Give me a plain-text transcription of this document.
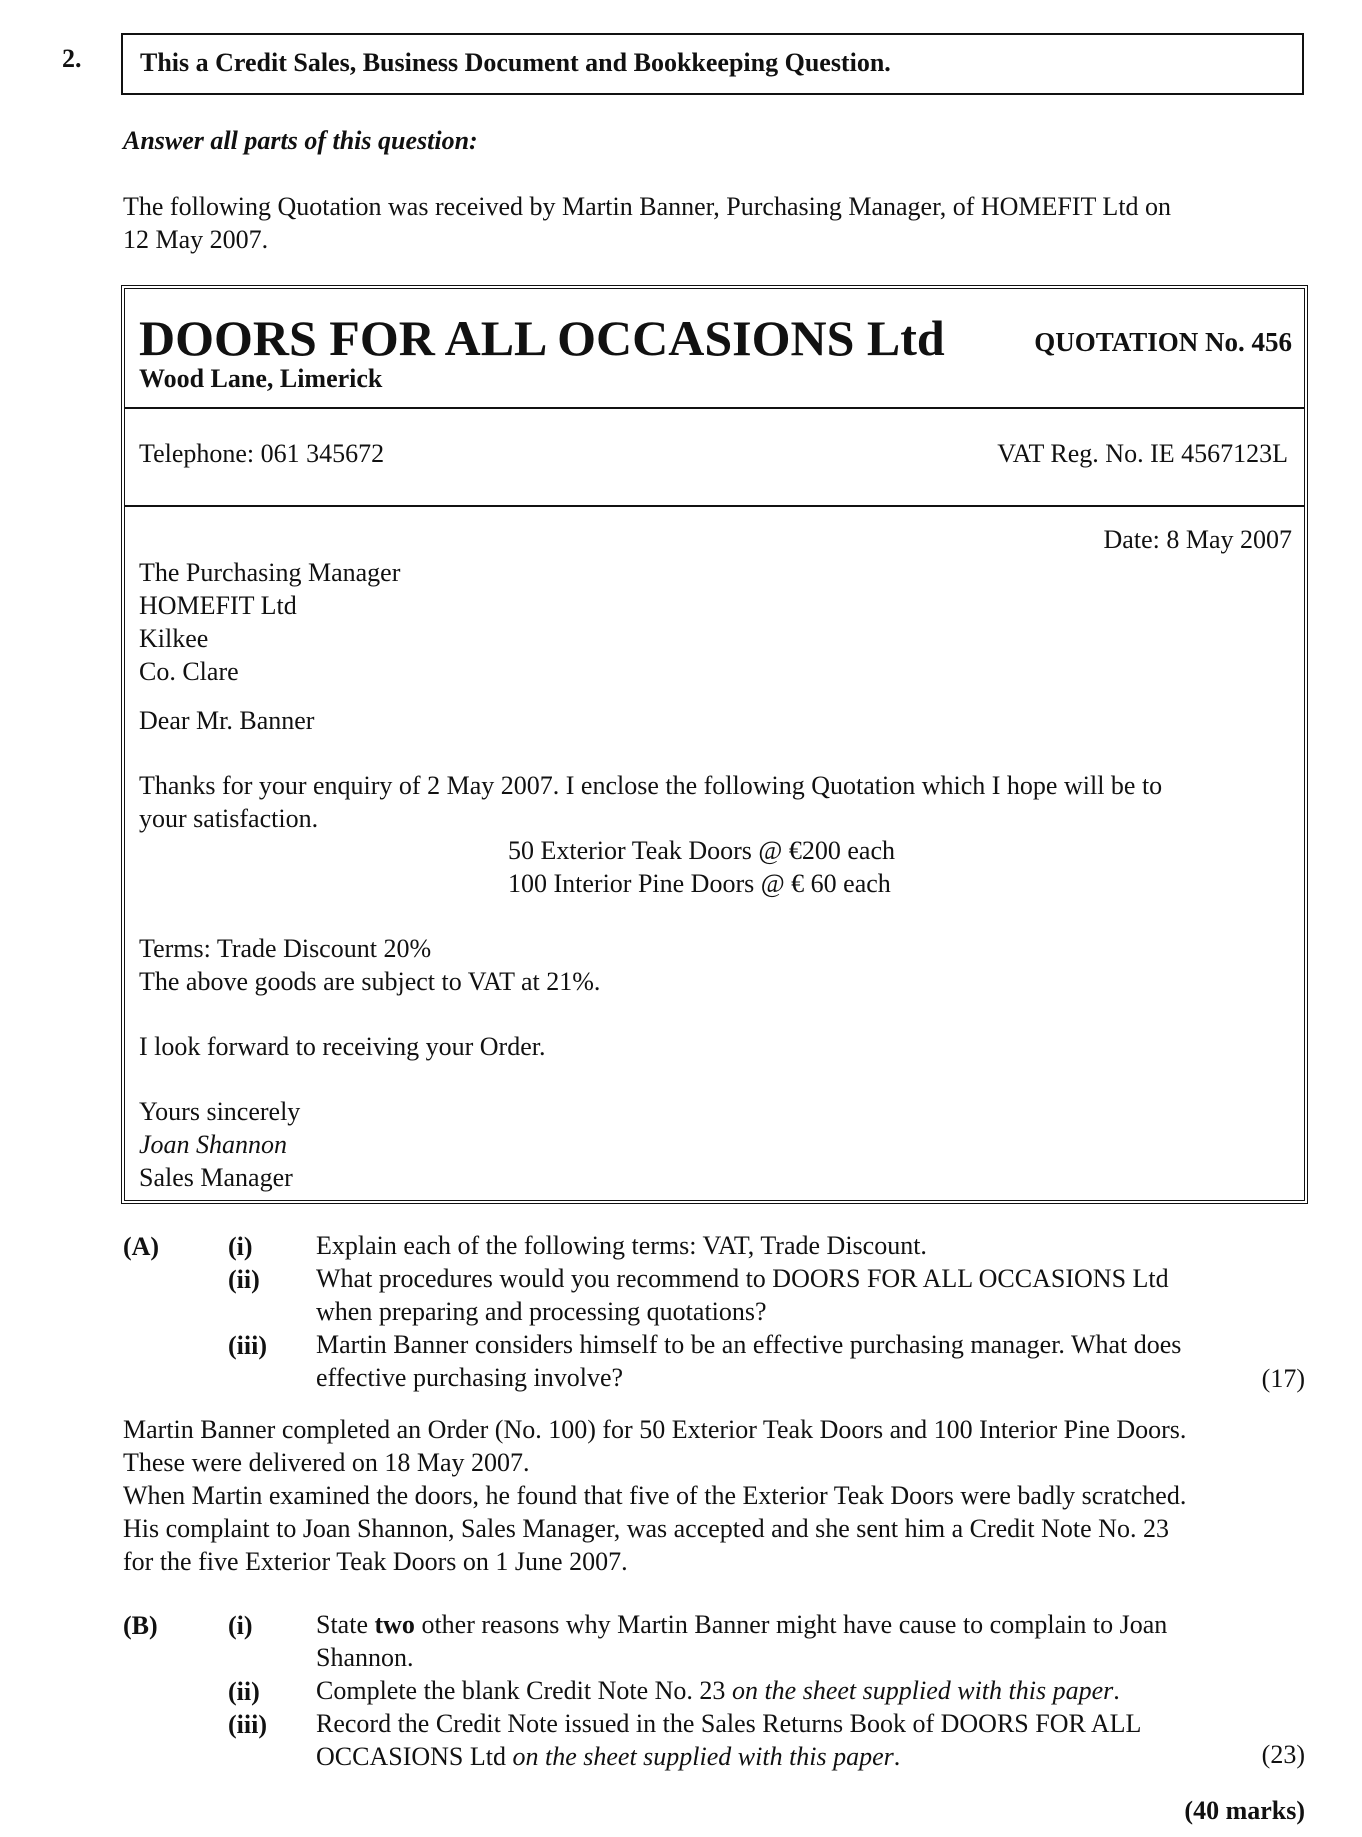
2. This a Credit Sales, Business Document and Bookkeeping Question.
Answer all parts of this question:
The following Quotation was received by Martin Banner, Purchasing Manager, of HOMEFIT Ltd on
12 May 2007.
DOORS FOR ALL OCCASIONS Ltd
Wood Lane, Limerick
QUOTATION No. 456
Telephone: 061 345672	VAT Reg. No. IE 4567123L
Date: 8 May 2007
The Purchasing Manager
HOMEFIT Ltd
Kilkee
Co. Clare
Dear Mr. Banner
Thanks for your enquiry of 2 May 2007. I enclose the following Quotation which I hope will be to
your satisfaction.
50 Exterior Teak Doors @ €200 each
100 Interior Pine Doors @ € 60 each
Terms: Trade Discount 20%
The above goods are subject to VAT at 21%.
I look forward to receiving your Order.
Yours sincerely
Joan Shannon
Sales Manager
(A)	(i) Explain each of the following terms: VAT, Trade Discount.
(ii) What procedures would you recommend to DOORS FOR ALL OCCASIONS Ltd
when preparing and processing quotations?
(iii) Martin Banner considers himself to be an effective purchasing manager. What does
effective purchasing involve?	(17)
Martin Banner completed an Order (No. 100) for 50 Exterior Teak Doors and 100 Interior Pine Doors.
These were delivered on 18 May 2007.
When Martin examined the doors, he found that five of the Exterior Teak Doors were badly scratched.
His complaint to Joan Shannon, Sales Manager, was accepted and she sent him a Credit Note No. 23
for the five Exterior Teak Doors on 1 June 2007.
(B)	(i) State two other reasons why Martin Banner might have cause to complain to Joan
Shannon.
(ii) Complete the blank Credit Note No. 23 on the sheet supplied with this paper.
(iii) Record the Credit Note issued in the Sales Returns Book of DOORS FOR ALL
OCCASIONS Ltd on the sheet supplied with this paper.	(23)
(40 marks)
